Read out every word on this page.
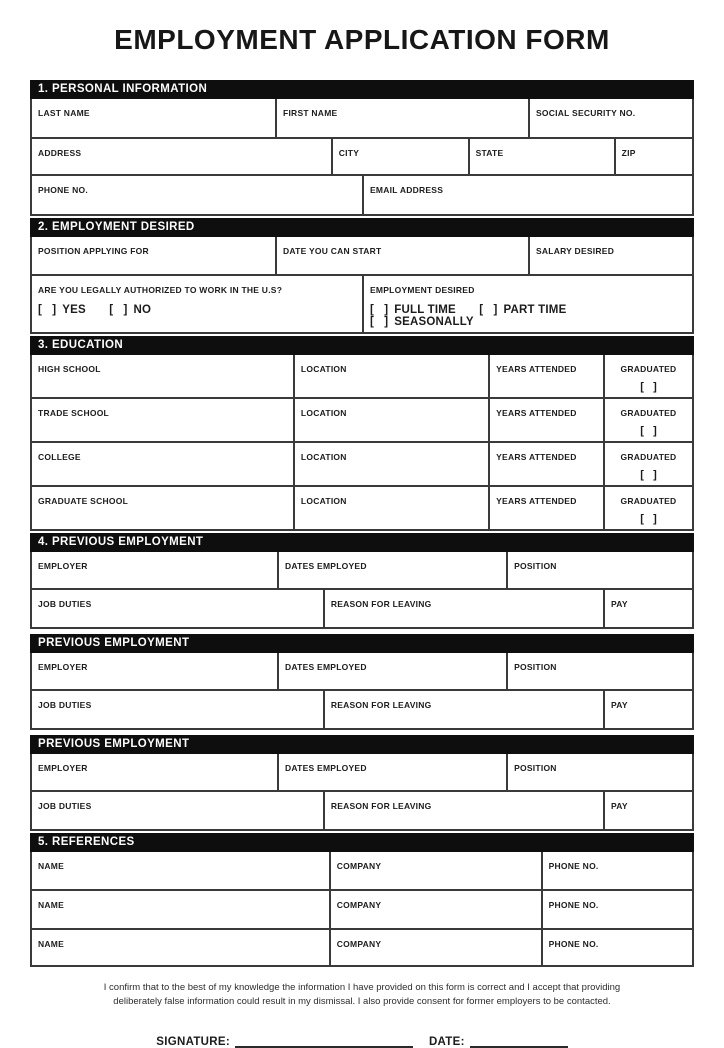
EMPLOYMENT APPLICATION FORM
1. PERSONAL INFORMATION
LAST NAME	FIRST NAME	SOCIAL SECURITY NO.
ADDRESS	CITY	STATE	ZIP
PHONE NO.	EMAIL ADDRESS
2. EMPLOYMENT DESIRED
POSITION APPLYING FOR	DATE YOU CAN START	SALARY DESIRED
ARE YOU LEGALLY AUTHORIZED TO WORK IN THE U.S?
[   ] YES [   ] NO
EMPLOYMENT DESIRED
[   ] FULL TIME [   ] PART TIME [   ] SEASONALLY
3. EDUCATION
HIGH SCHOOL	LOCATION	YEARS ATTENDED	GRADUATED
[   ]
TRADE SCHOOL	LOCATION	YEARS ATTENDED	GRADUATED
[   ]
COLLEGE	LOCATION	YEARS ATTENDED	GRADUATED
[   ]
GRADUATE SCHOOL	LOCATION	YEARS ATTENDED	GRADUATED
[   ]
4. PREVIOUS EMPLOYMENT
EMPLOYER	DATES EMPLOYED	POSITION
JOB DUTIES	REASON FOR LEAVING	PAY
PREVIOUS EMPLOYMENT
EMPLOYER	DATES EMPLOYED	POSITION
JOB DUTIES	REASON FOR LEAVING	PAY
PREVIOUS EMPLOYMENT
EMPLOYER	DATES EMPLOYED	POSITION
JOB DUTIES	REASON FOR LEAVING	PAY
5. REFERENCES
NAME	COMPANY	PHONE NO.
NAME	COMPANY	PHONE NO.
NAME	COMPANY	PHONE NO.
I confirm that to the best of my knowledge the information I have provided on this form is correct and I accept that providing deliberately false information could result in my dismissal. I also provide consent for former employers to be contacted.
SIGNATURE:	DATE:
